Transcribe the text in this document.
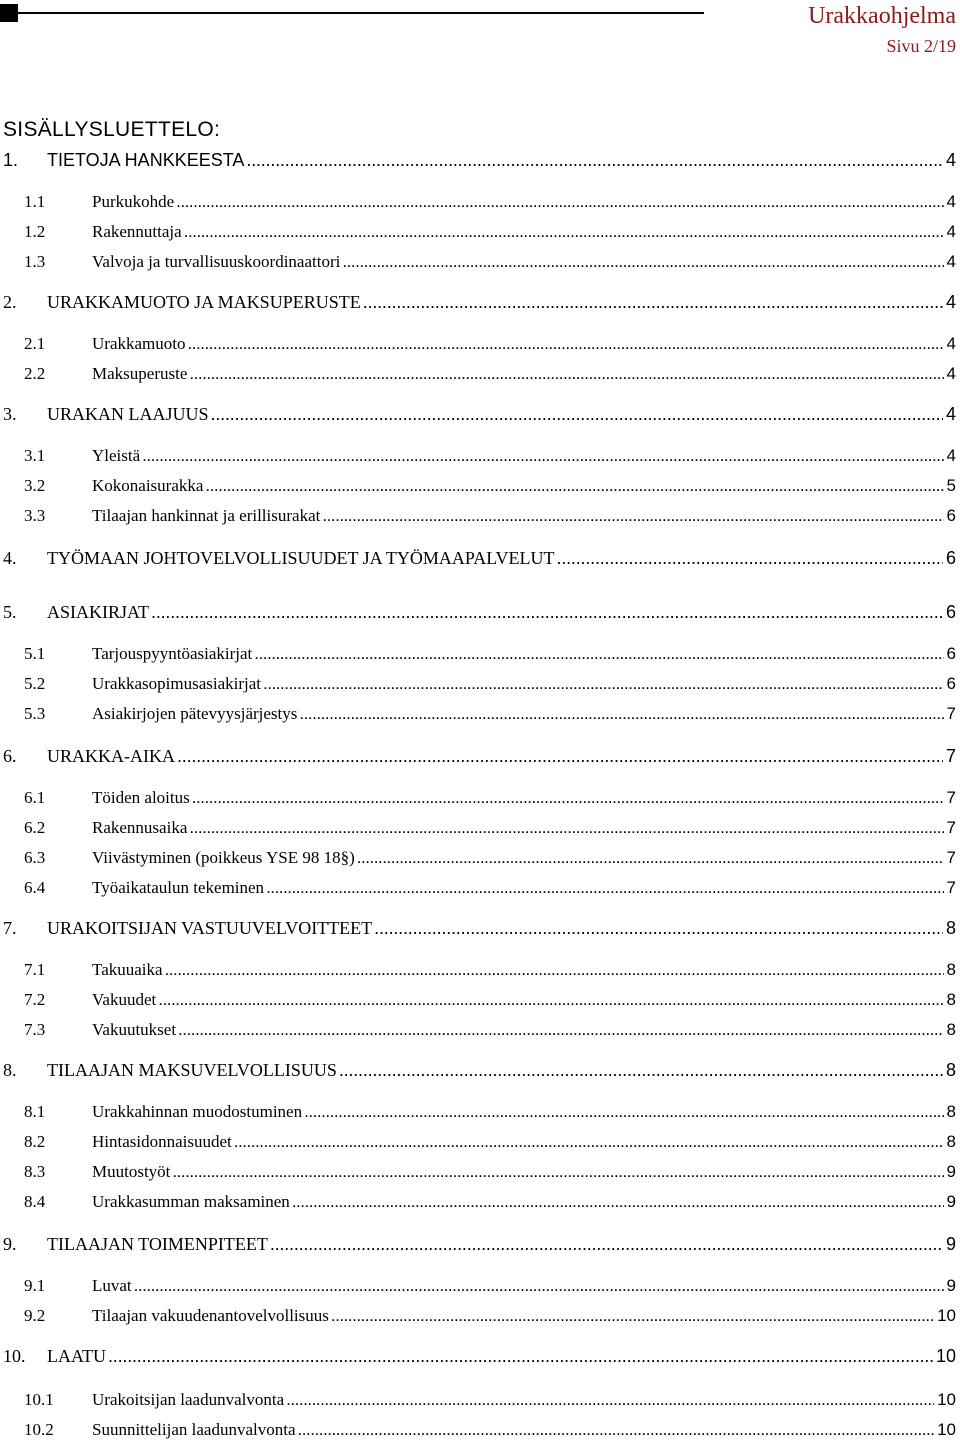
Urakkaohjelma
Sivu 2/19
SISÄLLYSLUETTELO:
1. TIETOJA HANKKEESTA . . .	4
1.1	Purkukohde . . .	4
1.2	Rakennuttaja . . .	4
1.3	Valvoja ja turvallisuuskoordinaattori . . .	4
2. URAKKAMUOTO JA MAKSUPERUSTE . . .	4
2.1	Urakkamuoto . . .	4
2.2	Maksuperuste . . .	4
3. URAKAN LAAJUUS . . .	4
3.1	Yleistä . . .	4
3.2	Kokonaisurakka . . .	5
3.3	Tilaajan hankinnat ja erillisurakat . . .	6
4. TYÖMAAN JOHTOVELVOLLISUUDET JA TYÖMAAPALVELUT . . .	6
5. ASIAKIRJAT . . .	6
5.1	Tarjouspyyntöasiakirjat . . .	6
5.2	Urakkasopimusasiakirjat . . .	6
5.3	Asiakirjojen pätevyysjärjestys . . .	7
6. URAKKA-AIKA . . .	7
6.1	Töiden aloitus . . .	7
6.2	Rakennusaika . . .	7
6.3	Viivästyminen (poikkeus YSE 98 18§) . . .	7
6.4	Työaikataulun tekeminen . . .	7
7. URAKOITSIJAN VASTUUVELVOITTEET . . .	8
7.1	Takuuaika . . .	8
7.2	Vakuudet . . .	8
7.3	Vakuutukset . . .	8
8. TILAAJAN MAKSUVELVOLLISUUS . . .	8
8.1	Urakkahinnan muodostuminen . . .	8
8.2	Hintasidonnaisuudet . . .	8
8.3	Muutostyöt . . .	9
8.4	Urakkasumman maksaminen . . .	9
9. TILAAJAN TOIMENPITEET . . .	9
9.1	Luvat . . .	9
9.2	Tilaajan vakuudenantovelvollisuus . . .	10
10. LAATU . . .	10
10.1 Urakoitsijan laadunvalvonta . . .	10
10.2 Suunnittelijan laadunvalvonta . . .	10
